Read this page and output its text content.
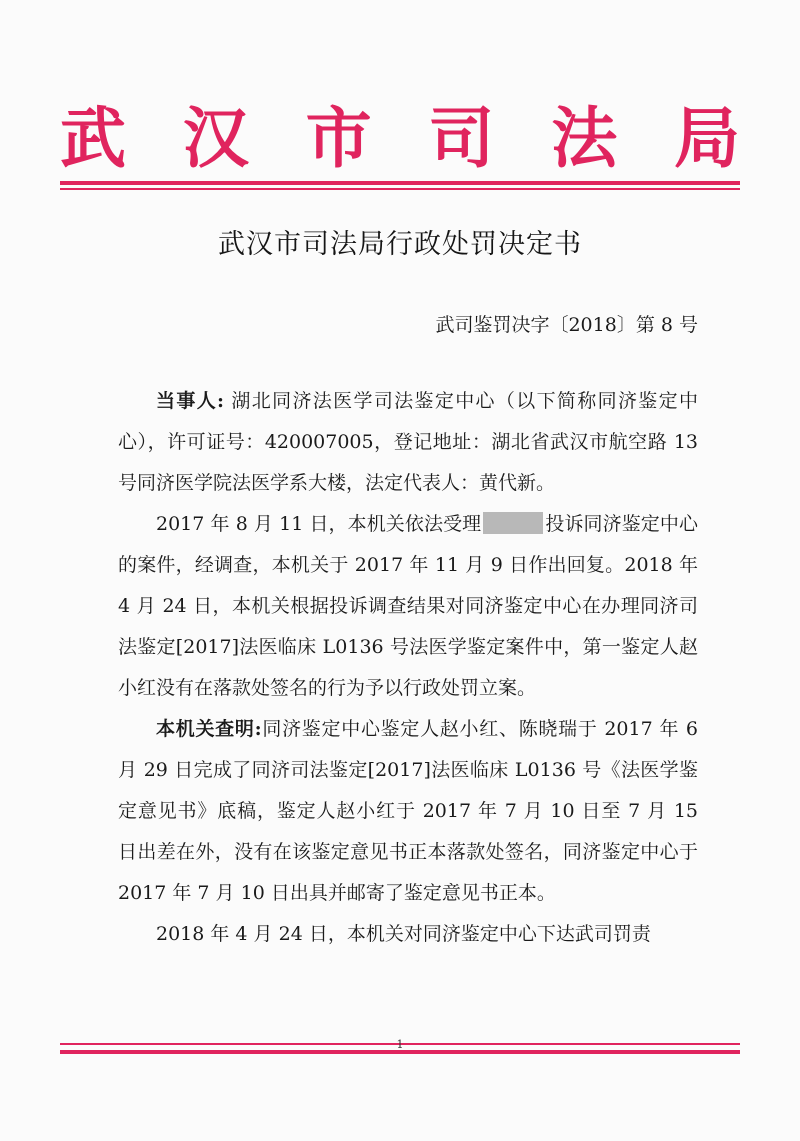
武 汉 市 司 法 局
武汉市司法局行政处罚决定书
武司鉴罚决字〔2018〕第 8 号

当事人: 湖北同济法医学司法鉴定中心（以下简称同济鉴定中心），许可证号：420007005，登记地址：湖北省武汉市航空路 13 号同济医学院法医学系大楼，法定代表人：黄代新。

2017 年 8 月 11 日，本机关依法受理	投诉同济鉴定中心的案件，经调查，本机关于 2017 年 11 月 9 日作出回复。2018 年 4 月 24 日，本机关根据投诉调查结果对同济鉴定中心在办理同济司法鉴定[2017]法医临床 L0136 号法医学鉴定案件中，第一鉴定人赵小红没有在落款处签名的行为予以行政处罚立案。

本机关查明:同济鉴定中心鉴定人赵小红、陈晓瑞于 2017 年 6 月 29 日完成了同济司法鉴定[2017]法医临床 L0136 号《法医学鉴定意见书》底稿，鉴定人赵小红于 2017 年 7 月 10 日至 7 月 15 日出差在外，没有在该鉴定意见书正本落款处签名，同济鉴定中心于 2017 年 7 月 10 日出具并邮寄了鉴定意见书正本。

2018 年 4 月 24 日，本机关对同济鉴定中心下达武司罚责

1
